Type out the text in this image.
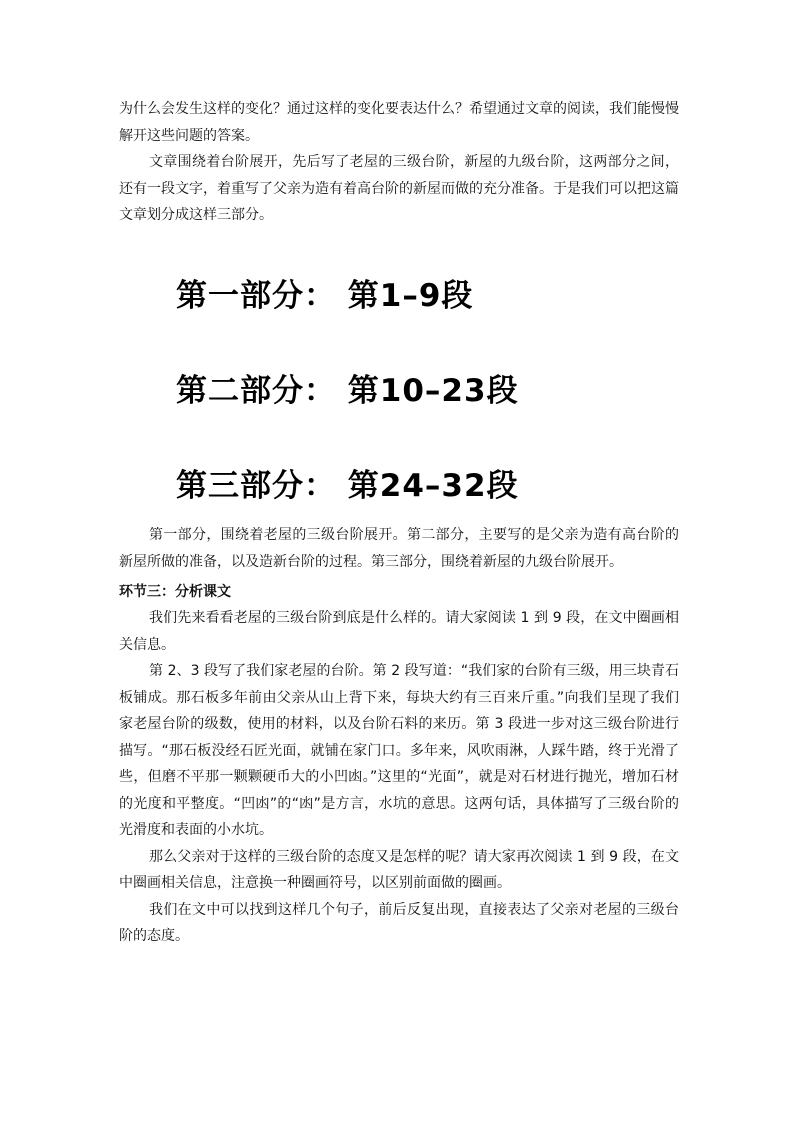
为什么会发生这样的变化？通过这样的变化要表达什么？希望通过文章的阅读，我们能慢慢解开这些问题的答案。

文章围绕着台阶展开，先后写了老屋的三级台阶，新屋的九级台阶，这两部分之间，还有一段文字，着重写了父亲为造有着高台阶的新屋而做的充分准备。于是我们可以把这篇文章划分成这样三部分。

第一部分： 第1–9段
第二部分： 第10–23段
第三部分： 第24–32段

第一部分，围绕着老屋的三级台阶展开。第二部分，主要写的是父亲为造有高台阶的新屋所做的准备，以及造新台阶的过程。第三部分，围绕着新屋的九级台阶展开。

环节三：分析课文

我们先来看看老屋的三级台阶到底是什么样的。请大家阅读 1 到 9 段，在文中圈画相关信息。

第 2、3 段写了我们家老屋的台阶。第 2 段写道：“我们家的台阶有三级，用三块青石板铺成。那石板多年前由父亲从山上背下来，每块大约有三百来斤重。”向我们呈现了我们家老屋台阶的级数，使用的材料，以及台阶石料的来历。第 3 段进一步对这三级台阶进行描写。“那石板没经石匠光面，就铺在家门口。多年来，风吹雨淋，人踩牛踏，终于光滑了些，但磨不平那一颗颗硬币大的小凹凼。”这里的“光面”，就是对石材进行抛光，增加石材的光度和平整度。“凹凼”的“凼”是方言，水坑的意思。这两句话，具体描写了三级台阶的光滑度和表面的小水坑。

那么父亲对于这样的三级台阶的态度又是怎样的呢？请大家再次阅读 1 到 9 段，在文中圈画相关信息，注意换一种圈画符号，以区别前面做的圈画。

我们在文中可以找到这样几个句子，前后反复出现，直接表达了父亲对老屋的三级台阶的态度。
